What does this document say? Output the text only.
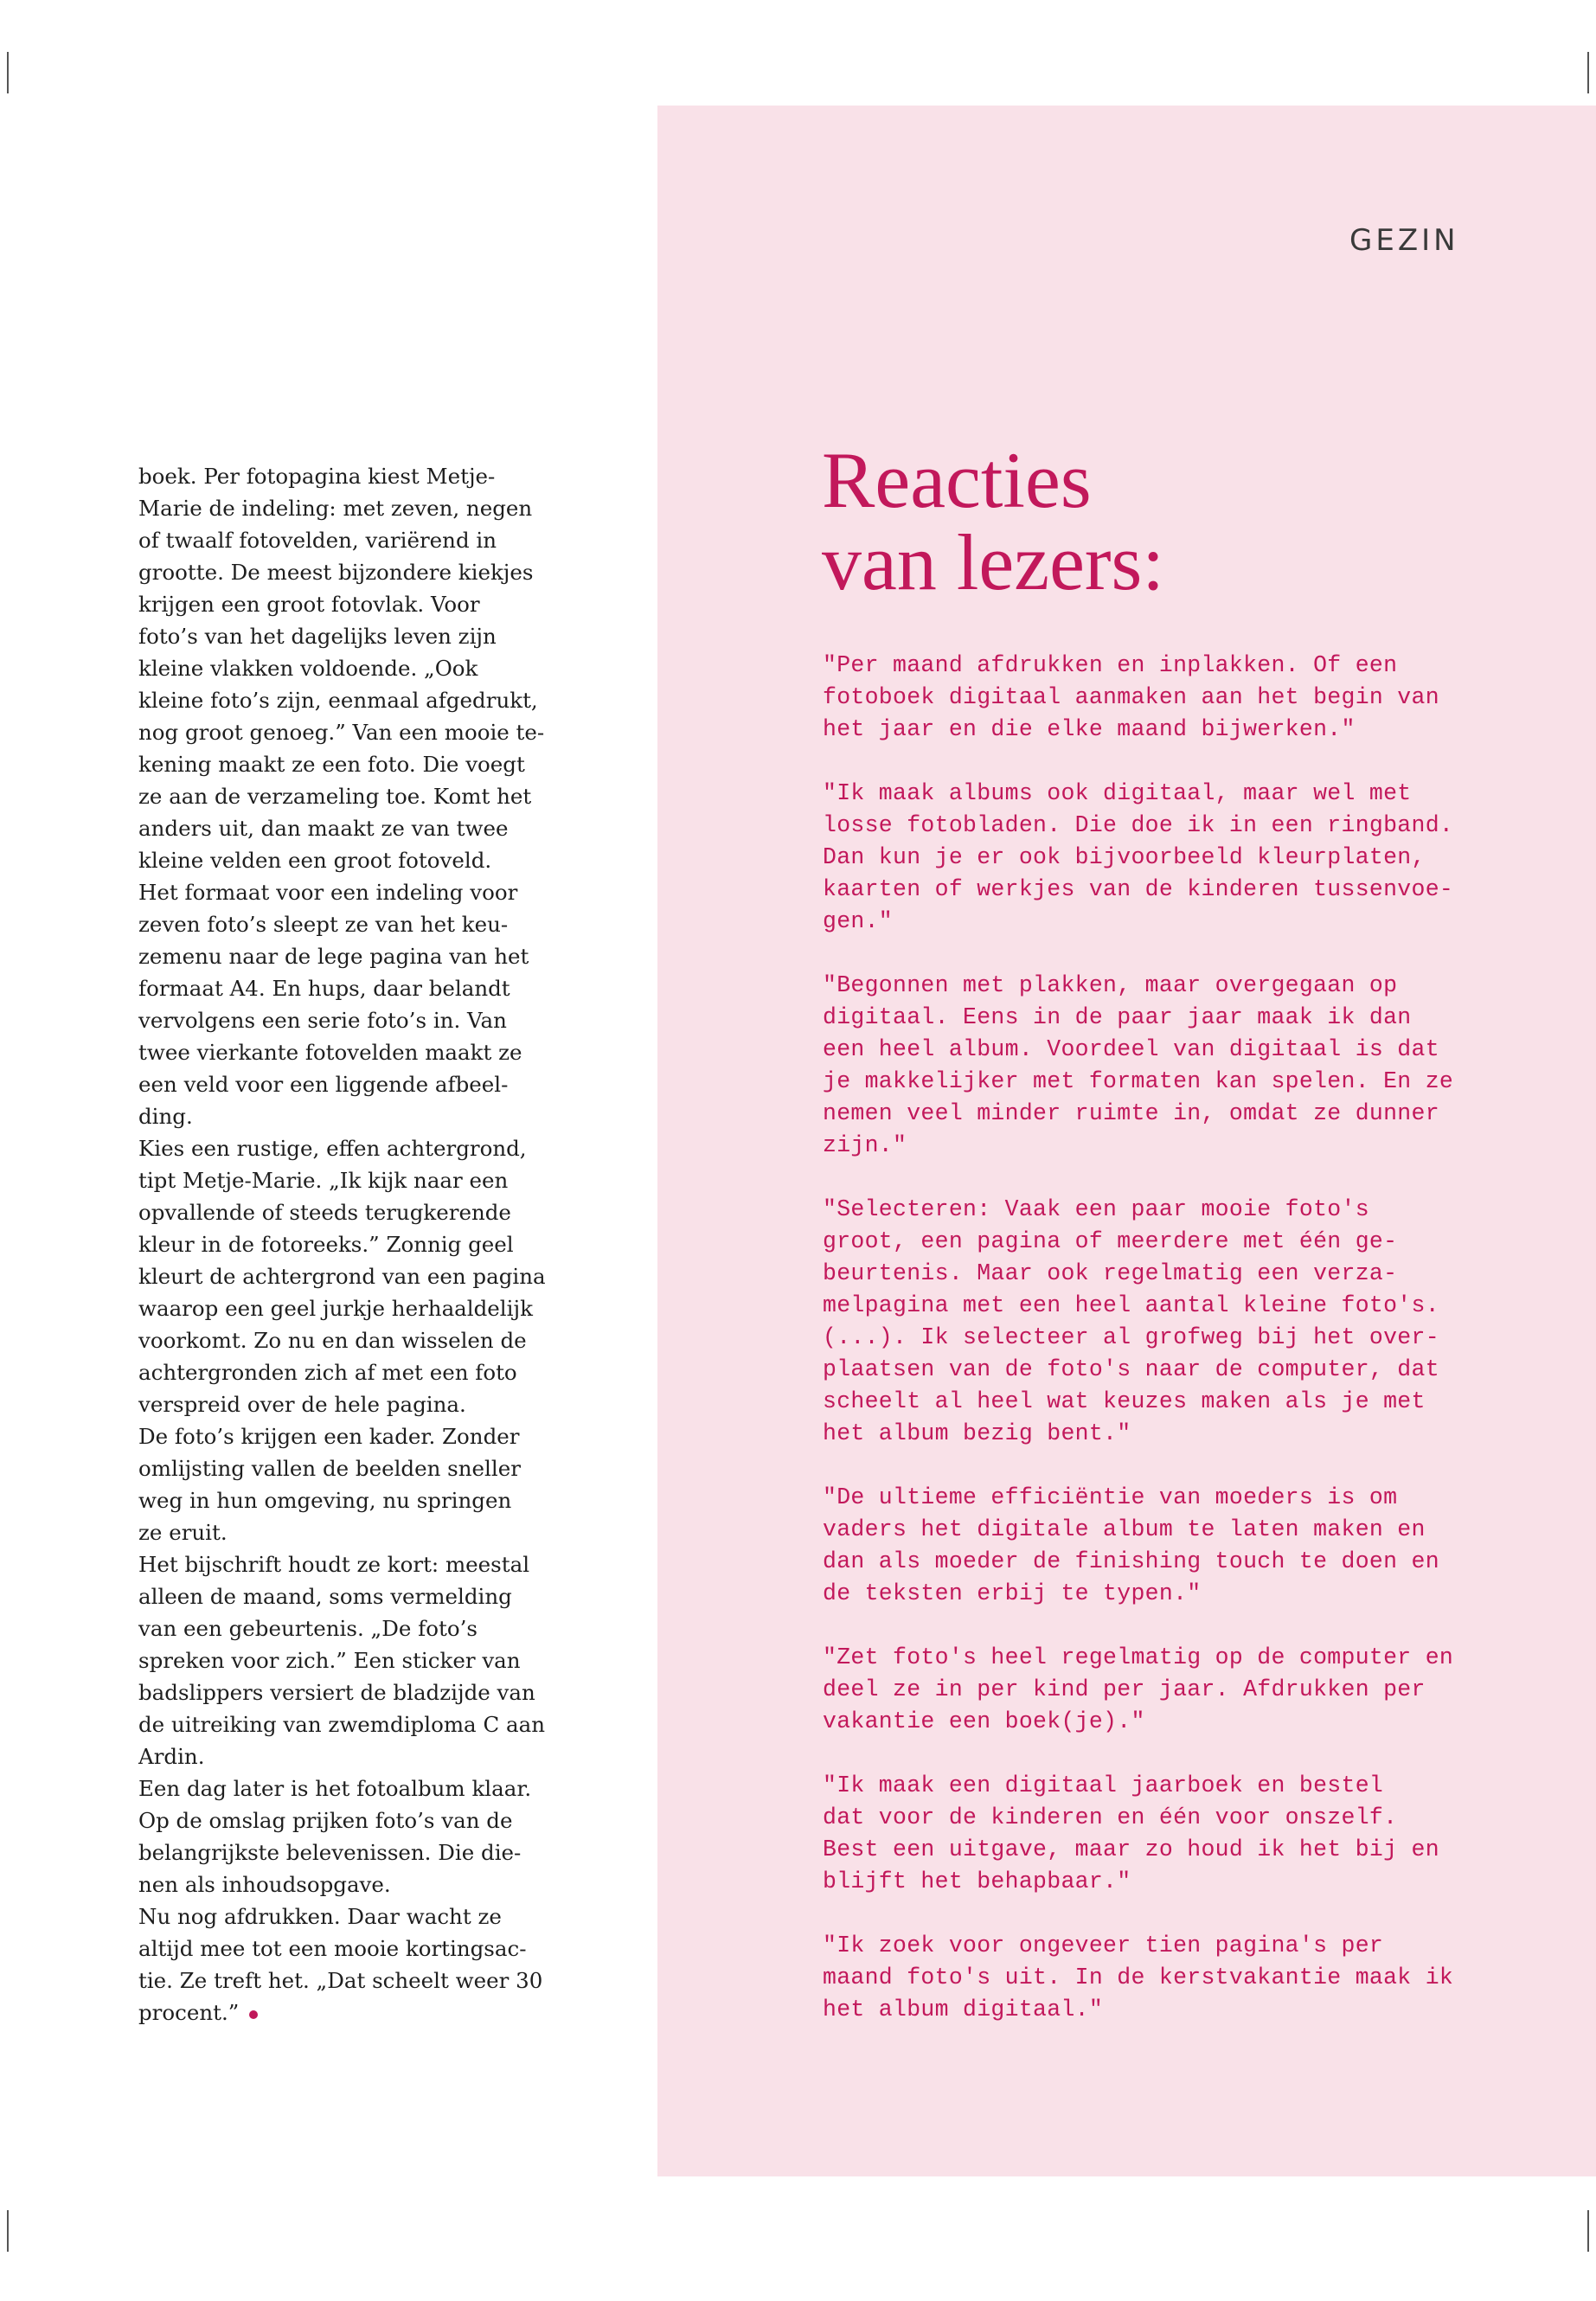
GEZIN

boek. Per fotopagina kiest Metje-
Marie de indeling: met zeven, negen
of twaalf fotovelden, variërend in
grootte. De meest bijzondere kiekjes
krijgen een groot fotovlak. Voor
foto’s van het dagelijks leven zijn
kleine vlakken voldoende. „Ook
kleine foto’s zijn, eenmaal afgedrukt,
nog groot genoeg.” Van een mooie te-
kening maakt ze een foto. Die voegt
ze aan de verzameling toe. Komt het
anders uit, dan maakt ze van twee
kleine velden een groot fotoveld.
Het formaat voor een indeling voor
zeven foto’s sleept ze van het keu-
zemenu naar de lege pagina van het
formaat A4. En hups, daar belandt
vervolgens een serie foto’s in. Van
twee vierkante fotovelden maakt ze
een veld voor een liggende afbeel-
ding.

Kies een rustige, effen achtergrond,
tipt Metje-Marie. „Ik kijk naar een
opvallende of steeds terugkerende
kleur in de fotoreeks.” Zonnig geel
kleurt de achtergrond van een pagina
waarop een geel jurkje herhaaldelijk
voorkomt. Zo nu en dan wisselen de
achtergronden zich af met een foto
verspreid over de hele pagina.

De foto’s krijgen een kader. Zonder
omlijsting vallen de beelden sneller
weg in hun omgeving, nu springen
ze eruit.

Het bijschrift houdt ze kort: meestal
alleen de maand, soms vermelding
van een gebeurtenis. „De foto’s
spreken voor zich.” Een sticker van
badslippers versiert de bladzijde van
de uitreiking van zwemdiploma C aan
Ardin.

Een dag later is het fotoalbum klaar.
Op de omslag prijken foto’s van de
belangrijkste belevenissen. Die die-
nen als inhoudsopgave.

Nu nog afdrukken. Daar wacht ze
altijd mee tot een mooie kortingsac-
tie. Ze treft het. „Dat scheelt weer 30
procent.”

Reacties
van lezers:

"Per maand afdrukken en inplakken. Of een
fotoboek digitaal aanmaken aan het begin van
het jaar en die elke maand bijwerken."

"Ik maak albums ook digitaal, maar wel met
losse fotobladen. Die doe ik in een ringband.
Dan kun je er ook bijvoorbeeld kleurplaten,
kaarten of werkjes van de kinderen tussenvoe-
gen."

"Begonnen met plakken, maar overgegaan op
digitaal. Eens in de paar jaar maak ik dan
een heel album. Voordeel van digitaal is dat
je makkelijker met formaten kan spelen. En ze
nemen veel minder ruimte in, omdat ze dunner
zijn."

"Selecteren: Vaak een paar mooie foto's
groot, een pagina of meerdere met één ge-
beurtenis. Maar ook regelmatig een verza-
melpagina met een heel aantal kleine foto's.
(...). Ik selecteer al grofweg bij het over-
plaatsen van de foto's naar de computer, dat
scheelt al heel wat keuzes maken als je met
het album bezig bent."

"De ultieme efficiëntie van moeders is om
vaders het digitale album te laten maken en
dan als moeder de finishing touch te doen en
de teksten erbij te typen."

"Zet foto's heel regelmatig op de computer en
deel ze in per kind per jaar. Afdrukken per
vakantie een boek(je)."

"Ik maak een digitaal jaarboek en bestel
dat voor de kinderen en één voor onszelf.
Best een uitgave, maar zo houd ik het bij en
blijft het behapbaar."

"Ik zoek voor ongeveer tien pagina's per
maand foto's uit. In de kerstvakantie maak ik
het album digitaal."
